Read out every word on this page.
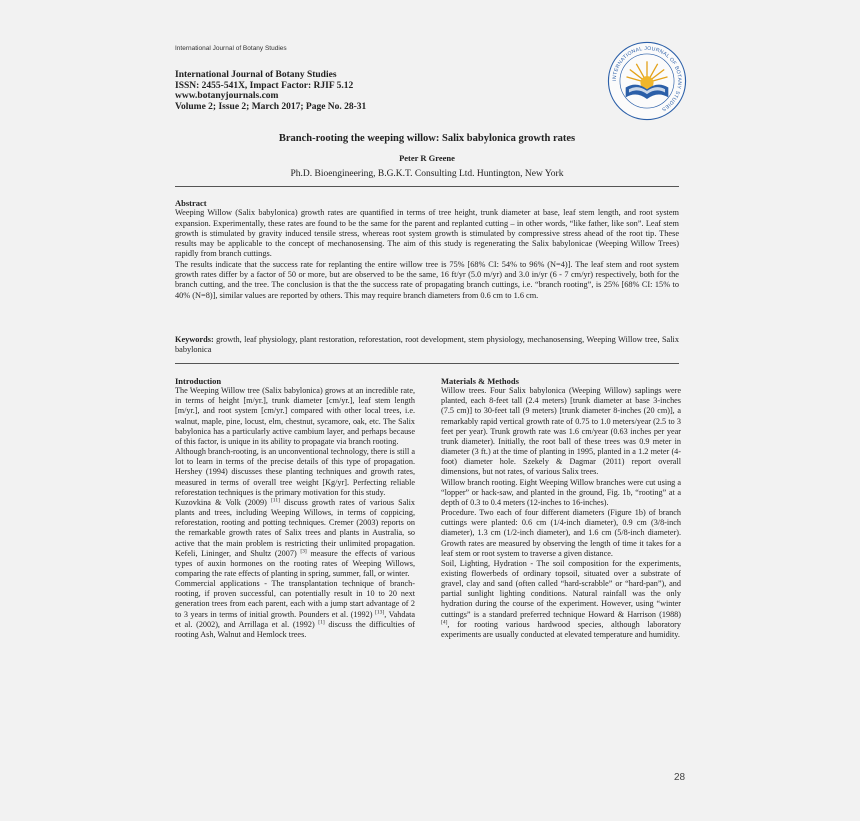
International Journal of Botany Studies
International Journal of Botany Studies
ISSN: 2455-541X, Impact Factor: RJIF 5.12
www.botanyjournals.com
Volume 2; Issue 2; March 2017; Page No. 28-31
INTERNATIONAL JOURNAL OF BOTANY STUDIES
Branch-rooting the weeping willow: Salix babylonica growth rates
Peter R Greene
Ph.D. Bioengineering, B.G.K.T. Consulting Ltd. Huntington, New York
Abstract

Weeping Willow (Salix babylonica) growth rates are quantified in terms of tree height, trunk diameter at base, leaf stem length, and root system expansion. Experimentally, these rates are found to be the same for the parent and replanted cutting – in other words, “like father, like son”. Leaf stem growth is stimulated by gravity induced tensile stress, whereas root system growth is stimulated by compressive stress ahead of the root tip. These results may be applicable to the concept of mechanosensing. The aim of this study is regenerating the Salix babylonicae (Weeping Willow Trees) rapidly from branch cuttings.

The results indicate that the success rate for replanting the entire willow tree is 75% [68% CI: 54% to 96% (N=4)]. The leaf stem and root system growth rates differ by a factor of 50 or more, but are observed to be the same, 16 ft/yr (5.0 m/yr) and 3.0 in/yr (6 - 7 cm/yr) respectively, both for the branch cutting, and the tree. The conclusion is that the the success rate of propagating branch cuttings, i.e. “branch rooting”, is 25% [68% CI: 15% to 40% (N=8)], similar values are reported by others. This may require branch diameters from 0.6 cm to 1.6 cm.

Keywords: growth, leaf physiology, plant restoration, reforestation, root development, stem physiology, mechanosensing, Weeping Willow tree, Salix babylonica
Introduction

The Weeping Willow tree (Salix babylonica) grows at an incredible rate, in terms of height [m/yr.], trunk diameter [cm/yr.], leaf stem length [m/yr.], and root system [cm/yr.] compared with other local trees, i.e. walnut, maple, pine, locust, elm, chestnut, sycamore, oak, etc. The Salix babylonica has a particularly active cambium layer, and perhaps because of this factor, is unique in its ability to propagate via branch rooting.

Although branch-rooting, is an unconventional technology, there is still a lot to learn in terms of the precise details of this type of propagation. Hershey (1994) discusses these planting techniques and growth rates, measured in terms of overall tree weight [Kg/yr]. Perfecting reliable reforestation techniques is the primary motivation for this study.

Kuzovkina & Volk (2009) [11] discuss growth rates of various Salix plants and trees, including Weeping Willows, in terms of coppicing, reforestation, rooting and potting techniques. Cremer (2003) reports on the remarkable growth rates of Salix trees and plants in Australia, so active that the main problem is restricting their unlimited propagation. Kefeli, Lininger, and Shultz (2007) [3] measure the effects of various types of auxin hormones on the rooting rates of Weeping Willows, comparing the rate effects of planting in spring, summer, fall, or winter.

Commercial applications - The transplantation technique of branch-rooting, if proven successful, can potentially result in 10 to 20 next generation trees from each parent, each with a jump start advantage of 2 to 3 years in terms of initial growth. Pounders et al. (1992) [13], Vahdata et al. (2002), and Arrillaga et al. (1992) [1] discuss the difficulties of rooting Ash, Walnut and Hemlock trees.

Materials & Methods

Willow trees. Four Salix babylonica (Weeping Willow) saplings were planted, each 8-feet tall (2.4 meters) [trunk diameter at base 3-inches (7.5 cm)] to 30-feet tall (9 meters) [trunk diameter 8-inches (20 cm)], a remarkably rapid vertical growth rate of 0.75 to 1.0 meters/year (2.5 to 3 feet per year). Trunk growth rate was 1.6 cm/year (0.63 inches per year trunk diameter). Initially, the root ball of these trees was 0.9 meter in diameter (3 ft.) at the time of planting in 1995, planted in a 1.2 meter (4-foot) diameter hole. Szekely & Dagmar (2011) report overall dimensions, but not rates, of various Salix trees.

Willow branch rooting. Eight Weeping Willow branches were cut using a “lopper” or hack-saw, and planted in the ground, Fig. 1b, “rooting” at a depth of 0.3 to 0.4 meters (12-inches to 16-inches).

Procedure. Two each of four different diameters (Figure 1b) of branch cuttings were planted: 0.6 cm (1/4-inch diameter), 0.9 cm (3/8-inch diameter), 1.3 cm (1/2-inch diameter), and 1.6 cm (5/8-inch diameter). Growth rates are measured by observing the length of time it takes for a leaf stem or root system to traverse a given distance.

Soil, Lighting, Hydration - The soil composition for the experiments, existing flowerbeds of ordinary topsoil, situated over a substrate of gravel, clay and sand (often called “hard-scrabble” or “hard-pan”), and partial sunlight lighting conditions. Natural rainfall was the only hydration during the course of the experiment. However, using “winter cuttings” is a standard preferred technique Howard & Harrison (1988) [4], for rooting various hardwood species, although laboratory experiments are usually conducted at elevated temperature and humidity.

28
